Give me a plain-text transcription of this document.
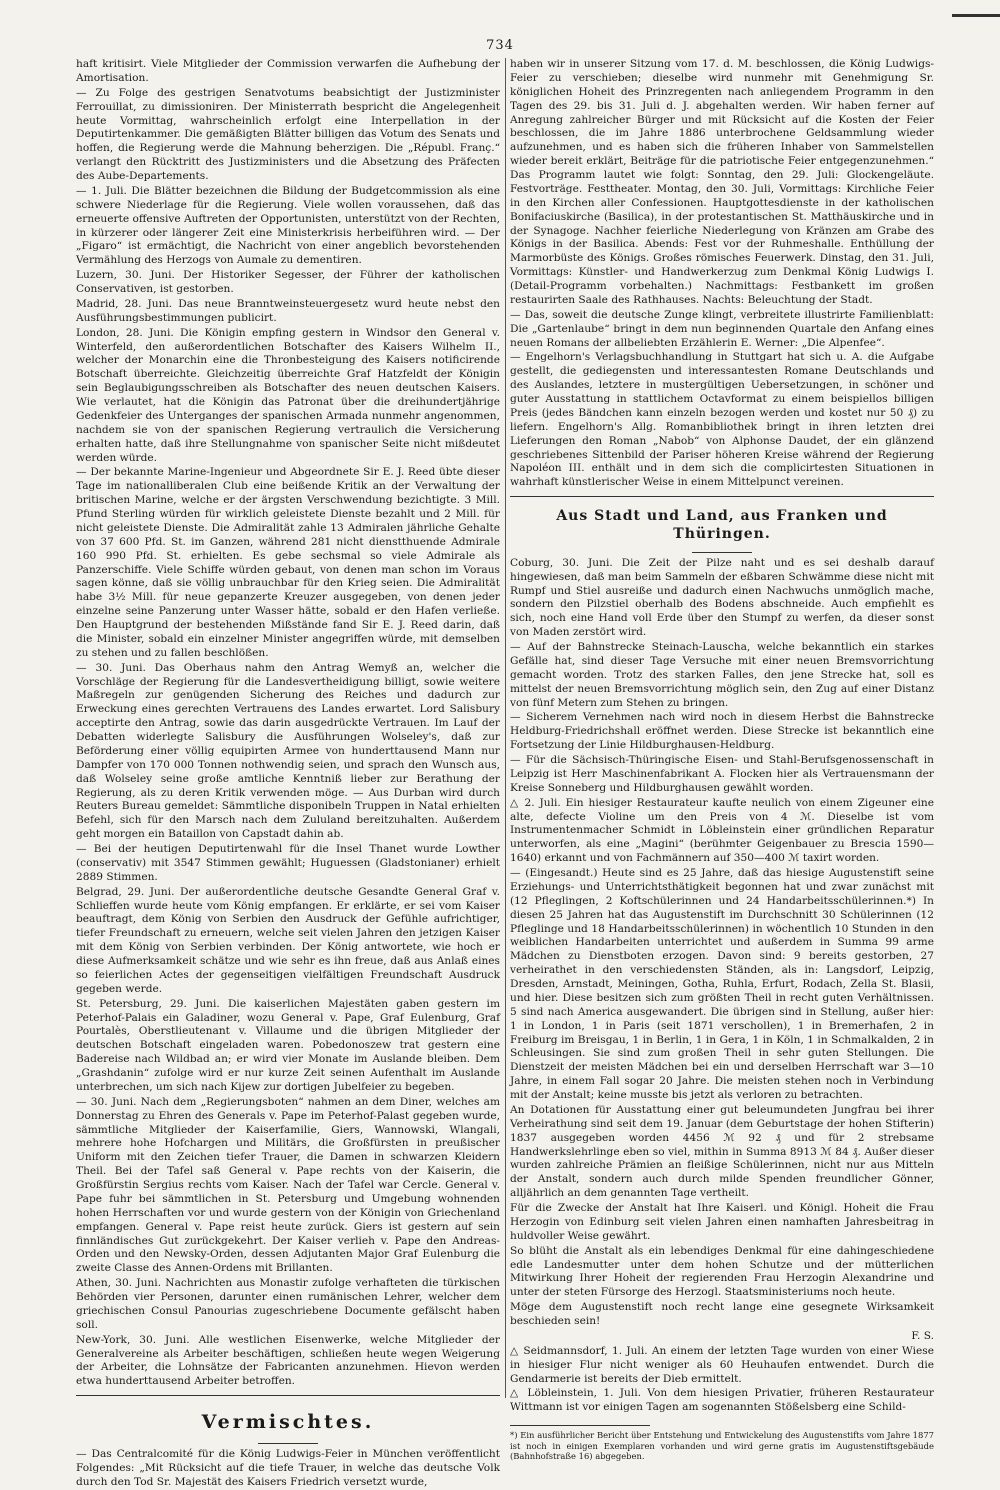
734

haft kritisirt. Viele Mitglieder der Commission verwarfen die Aufhebung der Amortisation.

— Zu Folge des gestrigen Senatvotums beabsichtigt der Justizminister Ferrouillat, zu dimissioniren. Der Ministerrath bespricht die Angelegenheit heute Vormittag, wahrscheinlich erfolgt eine Interpellation in der Deputirtenkammer. Die gemäßigten Blätter billigen das Votum des Senats und hoffen, die Regierung werde die Mahnung beherzigen. Die „Républ. Franç.“ verlangt den Rücktritt des Justizministers und die Absetzung des Präfecten des Aube-Departements.

— 1. Juli. Die Blätter bezeichnen die Bildung der Budgetcommission als eine schwere Niederlage für die Regierung. Viele wollen voraussehen, daß das erneuerte offensive Auftreten der Opportunisten, unterstützt von der Rechten, in kürzerer oder längerer Zeit eine Ministerkrisis herbeiführen wird. — Der „Figaro“ ist ermächtigt, die Nachricht von einer angeblich bevorstehenden Vermählung des Herzogs von Aumale zu dementiren.

Luzern, 30. Juni. Der Historiker Segesser, der Führer der katholischen Conservativen, ist gestorben.

Madrid, 28. Juni. Das neue Branntweinsteuergesetz wurd heute nebst den Ausführungsbestimmungen publicirt.

London, 28. Juni. Die Königin empfing gestern in Windsor den General v. Winterfeld, den außerordentlichen Botschafter des Kaisers Wilhelm II., welcher der Monarchin eine die Thronbesteigung des Kaisers notificirende Botschaft überreichte. Gleichzeitig überreichte Graf Hatzfeldt der Königin sein Beglaubigungsschreiben als Botschafter des neuen deutschen Kaisers. Wie verlautet, hat die Königin das Patronat über die dreihundertjährige Gedenkfeier des Unterganges der spanischen Armada nunmehr angenommen, nachdem sie von der spanischen Regierung vertraulich die Versicherung erhalten hatte, daß ihre Stellungnahme von spanischer Seite nicht mißdeutet werden würde.

— Der bekannte Marine-Ingenieur und Abgeordnete Sir E. J. Reed übte dieser Tage im nationalliberalen Club eine beißende Kritik an der Verwaltung der britischen Marine, welche er der ärgsten Verschwendung bezichtigte. 3 Mill. Pfund Sterling würden für wirklich geleistete Dienste bezahlt und 2 Mill. für nicht geleistete Dienste. Die Admiralität zahle 13 Admiralen jährliche Gehalte von 37 600 Pfd. St. im Ganzen, während 281 nicht dienstthuende Admirale 160 990 Pfd. St. erhielten. Es gebe sechsmal so viele Admirale als Panzerschiffe. Viele Schiffe würden gebaut, von denen man schon im Voraus sagen könne, daß sie völlig unbrauchbar für den Krieg seien. Die Admiralität habe 3½ Mill. für neue gepanzerte Kreuzer ausgegeben, von denen jeder einzelne seine Panzerung unter Wasser hätte, sobald er den Hafen verließe. Den Hauptgrund der bestehenden Mißstände fand Sir E. J. Reed darin, daß die Minister, sobald ein einzelner Minister angegriffen würde, mit demselben zu stehen und zu fallen beschlößen.

— 30. Juni. Das Oberhaus nahm den Antrag Wemyß an, welcher die Vorschläge der Regierung für die Landesvertheidigung billigt, sowie weitere Maßregeln zur genügenden Sicherung des Reiches und dadurch zur Erweckung eines gerechten Vertrauens des Landes erwartet. Lord Salisbury acceptirte den Antrag, sowie das darin ausgedrückte Vertrauen. Im Lauf der Debatten widerlegte Salisbury die Ausführungen Wolseley's, daß zur Beförderung einer völlig equipirten Armee von hunderttausend Mann nur Dampfer von 170 000 Tonnen nothwendig seien, und sprach den Wunsch aus, daß Wolseley seine große amtliche Kenntniß lieber zur Berathung der Regierung, als zu deren Kritik verwenden möge. — Aus Durban wird durch Reuters Bureau gemeldet: Sämmtliche disponibeln Truppen in Natal erhielten Befehl, sich für den Marsch nach dem Zululand bereitzuhalten. Außerdem geht morgen ein Bataillon von Capstadt dahin ab.

— Bei der heutigen Deputirtenwahl für die Insel Thanet wurde Lowther (conservativ) mit 3547 Stimmen gewählt; Huguessen (Gladstonianer) erhielt 2889 Stimmen.

Belgrad, 29. Juni. Der außerordentliche deutsche Gesandte General Graf v. Schlieffen wurde heute vom König empfangen. Er erklärte, er sei vom Kaiser beauftragt, dem König von Serbien den Ausdruck der Gefühle aufrichtiger, tiefer Freundschaft zu erneuern, welche seit vielen Jahren den jetzigen Kaiser mit dem König von Serbien verbinden. Der König antwortete, wie hoch er diese Aufmerksamkeit schätze und wie sehr es ihn freue, daß aus Anlaß eines so feierlichen Actes der gegenseitigen vielfältigen Freundschaft Ausdruck gegeben werde.

St. Petersburg, 29. Juni. Die kaiserlichen Majestäten gaben gestern im Peterhof-Palais ein Galadiner, wozu General v. Pape, Graf Eulenburg, Graf Pourtalès, Oberstlieutenant v. Villaume und die übrigen Mitglieder der deutschen Botschaft eingeladen waren. Pobedonoszew trat gestern eine Badereise nach Wildbad an; er wird vier Monate im Auslande bleiben. Dem „Grashdanin“ zufolge wird er nur kurze Zeit seinen Aufenthalt im Auslande unterbrechen, um sich nach Kijew zur dortigen Jubelfeier zu begeben.

— 30. Juni. Nach dem „Regierungsboten“ nahmen an dem Diner, welches am Donnerstag zu Ehren des Generals v. Pape im Peterhof-Palast gegeben wurde, sämmtliche Mitglieder der Kaiserfamilie, Giers, Wannowski, Wlangali, mehrere hohe Hofchargen und Militärs, die Großfürsten in preußischer Uniform mit den Zeichen tiefer Trauer, die Damen in schwarzen Kleidern Theil. Bei der Tafel saß General v. Pape rechts von der Kaiserin, die Großfürstin Sergius rechts vom Kaiser. Nach der Tafel war Cercle. General v. Pape fuhr bei sämmtlichen in St. Petersburg und Umgebung wohnenden hohen Herrschaften vor und wurde gestern von der Königin von Griechenland empfangen. General v. Pape reist heute zurück. Giers ist gestern auf sein finnländisches Gut zurückgekehrt. Der Kaiser verlieh v. Pape den Andreas-Orden und den Newsky-Orden, dessen Adjutanten Major Graf Eulenburg die zweite Classe des Annen-Ordens mit Brillanten.

Athen, 30. Juni. Nachrichten aus Monastir zufolge verhafteten die türkischen Behörden vier Personen, darunter einen rumänischen Lehrer, welcher dem griechischen Consul Panourias zugeschriebene Documente gefälscht haben soll.

New-York, 30. Juni. Alle westlichen Eisenwerke, welche Mitglieder der Generalvereine als Arbeiter beschäftigen, schließen heute wegen Weigerung der Arbeiter, die Lohnsätze der Fabricanten anzunehmen. Hievon werden etwa hunderttausend Arbeiter betroffen.

Vermischtes.

— Das Centralcomité für die König Ludwigs-Feier in München veröffentlicht Folgendes: „Mit Rücksicht auf die tiefe Trauer, in welche das deutsche Volk durch den Tod Sr. Majestät des Kaisers Friedrich versetzt wurde,

haben wir in unserer Sitzung vom 17. d. M. beschlossen, die König Ludwigs-Feier zu verschieben; dieselbe wird nunmehr mit Genehmigung Sr. königlichen Hoheit des Prinzregenten nach anliegendem Programm in den Tagen des 29. bis 31. Juli d. J. abgehalten werden. Wir haben ferner auf Anregung zahlreicher Bürger und mit Rücksicht auf die Kosten der Feier beschlossen, die im Jahre 1886 unterbrochene Geldsammlung wieder aufzunehmen, und es haben sich die früheren Inhaber von Sammelstellen wieder bereit erklärt, Beiträge für die patriotische Feier entgegenzunehmen.“ Das Programm lautet wie folgt: Sonntag, den 29. Juli: Glockengeläute. Festvorträge. Festtheater. Montag, den 30. Juli, Vormittags: Kirchliche Feier in den Kirchen aller Confessionen. Hauptgottesdienste in der katholischen Bonifaciuskirche (Basilica), in der protestantischen St. Matthäuskirche und in der Synagoge. Nachher feierliche Niederlegung von Kränzen am Grabe des Königs in der Basilica. Abends: Fest vor der Ruhmeshalle. Enthüllung der Marmorbüste des Königs. Großes römisches Feuerwerk. Dinstag, den 31. Juli, Vormittags: Künstler- und Handwerkerzug zum Denkmal König Ludwigs I. (Detail-Programm vorbehalten.) Nachmittags: Festbankett im großen restaurirten Saale des Rathhauses. Nachts: Beleuchtung der Stadt.

— Das, soweit die deutsche Zunge klingt, verbreitete illustrirte Familienblatt: Die „Gartenlaube“ bringt in dem nun beginnenden Quartale den Anfang eines neuen Romans der allbeliebten Erzählerin E. Werner: „Die Alpenfee“.

— Engelhorn's Verlagsbuchhandlung in Stuttgart hat sich u. A. die Aufgabe gestellt, die gediegensten und interessantesten Romane Deutschlands und des Auslandes, letztere in mustergültigen Uebersetzungen, in schöner und guter Ausstattung in stattlichem Octavformat zu einem beispiellos billigen Preis (jedes Bändchen kann einzeln bezogen werden und kostet nur 50 ₰) zu liefern. Engelhorn's Allg. Romanbibliothek bringt in ihren letzten drei Lieferungen den Roman „Nabob“ von Alphonse Daudet, der ein glänzend geschriebenes Sittenbild der Pariser höheren Kreise während der Regierung Napoléon III. enthält und in dem sich die complicirtesten Situationen in wahrhaft künstlerischer Weise in einem Mittelpunct vereinen.

Aus Stadt und Land, aus Franken und Thüringen.

Coburg, 30. Juni. Die Zeit der Pilze naht und es sei deshalb darauf hingewiesen, daß man beim Sammeln der eßbaren Schwämme diese nicht mit Rumpf und Stiel ausreiße und dadurch einen Nachwuchs unmöglich mache, sondern den Pilzstiel oberhalb des Bodens abschneide. Auch empfiehlt es sich, noch eine Hand voll Erde über den Stumpf zu werfen, da dieser sonst von Maden zerstört wird.

— Auf der Bahnstrecke Steinach-Lauscha, welche bekanntlich ein starkes Gefälle hat, sind dieser Tage Versuche mit einer neuen Bremsvorrichtung gemacht worden. Trotz des starken Falles, den jene Strecke hat, soll es mittelst der neuen Bremsvorrichtung möglich sein, den Zug auf einer Distanz von fünf Metern zum Stehen zu bringen.

— Sicherem Vernehmen nach wird noch in diesem Herbst die Bahnstrecke Heldburg-Friedrichshall eröffnet werden. Diese Strecke ist bekanntlich eine Fortsetzung der Linie Hildburghausen-Heldburg.

— Für die Sächsisch-Thüringische Eisen- und Stahl-Berufsgenossenschaft in Leipzig ist Herr Maschinenfabrikant A. Flocken hier als Vertrauensmann der Kreise Sonneberg und Hildburghausen gewählt worden.

△ 2. Juli. Ein hiesiger Restaurateur kaufte neulich von einem Zigeuner eine alte, defecte Violine um den Preis von 4 ℳ. Dieselbe ist vom Instrumentenmacher Schmidt in Löbleinstein einer gründlichen Reparatur unterworfen, als eine „Magini“ (berühmter Geigenbauer zu Brescia 1590—1640) erkannt und von Fachmännern auf 350—400 ℳ taxirt worden.

— (Eingesandt.) Heute sind es 25 Jahre, daß das hiesige Augustenstift seine Erziehungs- und Unterrichtsthätigkeit begonnen hat und zwar zunächst mit (12 Pfleglingen, 2 Koftschülerinnen und 24 Handarbeitsschülerinnen.*) In diesen 25 Jahren hat das Augustenstift im Durchschnitt 30 Schülerinnen (12 Pfleglinge und 18 Handarbeitsschülerinnen) in wöchentlich 10 Stunden in den weiblichen Handarbeiten unterrichtet und außerdem in Summa 99 arme Mädchen zu Dienstboten erzogen. Davon sind: 9 bereits gestorben, 27 verheirathet in den verschiedensten Ständen, als in: Langsdorf, Leipzig, Dresden, Arnstadt, Meiningen, Gotha, Ruhla, Erfurt, Rodach, Zella St. Blasii, und hier. Diese besitzen sich zum größten Theil in recht guten Verhältnissen. 5 sind nach America ausgewandert. Die übrigen sind in Stellung, außer hier: 1 in London, 1 in Paris (seit 1871 verschollen), 1 in Bremerhafen, 2 in Freiburg im Breisgau, 1 in Berlin, 1 in Gera, 1 in Köln, 1 in Schmalkalden, 2 in Schleusingen. Sie sind zum großen Theil in sehr guten Stellungen. Die Dienstzeit der meisten Mädchen bei ein und derselben Herrschaft war 3—10 Jahre, in einem Fall sogar 20 Jahre. Die meisten stehen noch in Verbindung mit der Anstalt; keine musste bis jetzt als verloren zu betrachten.

An Dotationen für Ausstattung einer gut beleumundeten Jungfrau bei ihrer Verheirathung sind seit dem 19. Januar (dem Geburtstage der hohen Stifterin) 1837 ausgegeben worden 4456 ℳ 92 ₰ und für 2 strebsame Handwerkslehrlinge eben so viel, mithin in Summa 8913 ℳ 84 ₰. Außer dieser wurden zahlreiche Prämien an fleißige Schülerinnen, nicht nur aus Mitteln der Anstalt, sondern auch durch milde Spenden freundlicher Gönner, alljährlich an dem genannten Tage vertheilt.

Für die Zwecke der Anstalt hat Ihre Kaiserl. und Königl. Hoheit die Frau Herzogin von Edinburg seit vielen Jahren einen namhaften Jahresbeitrag in huldvoller Weise gewährt.

So blüht die Anstalt als ein lebendiges Denkmal für eine dahingeschiedene edle Landesmutter unter dem hohen Schutze und der mütterlichen Mitwirkung Ihrer Hoheit der regierenden Frau Herzogin Alexandrine und unter der steten Fürsorge des Herzogl. Staatsministeriums noch heute.

Möge dem Augustenstift noch recht lange eine gesegnete Wirksamkeit beschieden sein!

F. S.

△ Seidmannsdorf, 1. Juli. An einem der letzten Tage wurden von einer Wiese in hiesiger Flur nicht weniger als 60 Heuhaufen entwendet. Durch die Gendarmerie ist bereits der Dieb ermittelt.

△ Löbleinstein, 1. Juli. Von dem hiesigen Privatier, früheren Restaurateur Wittmann ist vor einigen Tagen am sogenannten Stößelsberg eine Schild-

*) Ein ausführlicher Bericht über Entstehung und Entwickelung des Augustenstifts vom Jahre 1877 ist noch in einigen Exemplaren vorhanden und wird gerne gratis im Augustenstiftsgebäude (Bahnhofstraße 16) abgegeben.
